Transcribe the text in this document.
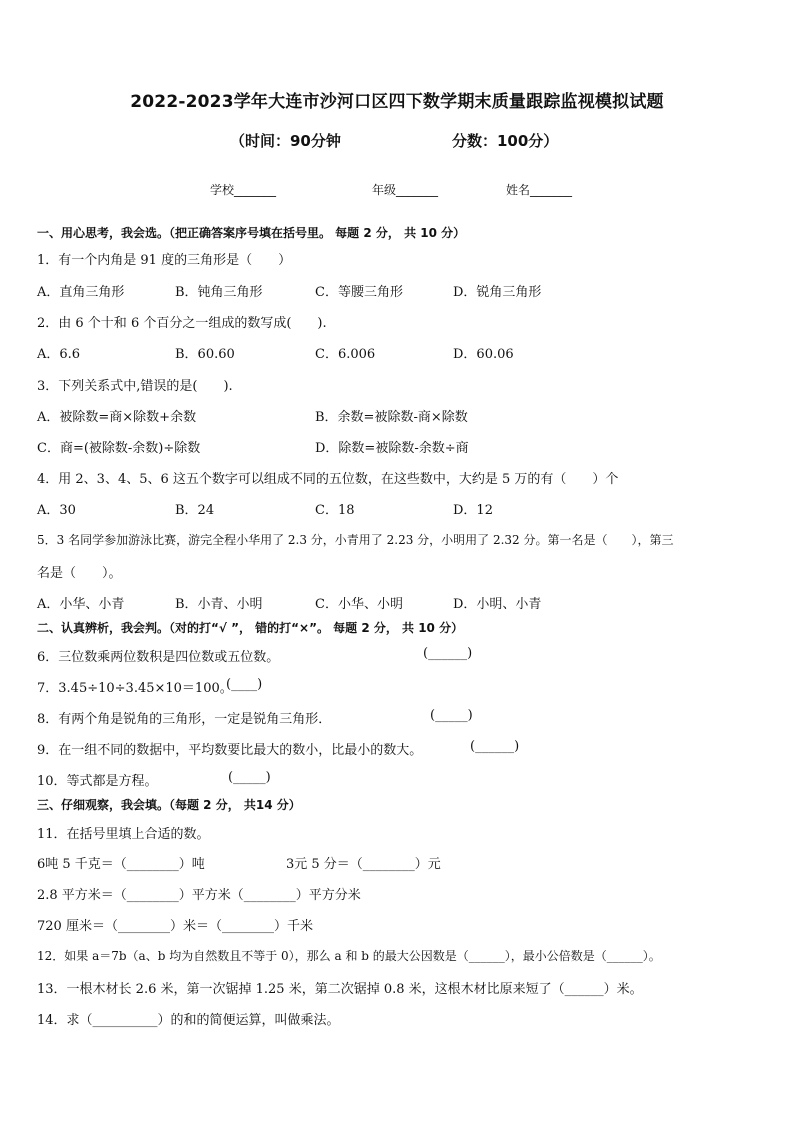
2022-2023学年大连市沙河口区四下数学期末质量跟踪监视模拟试题
（时间：90分钟	分数：100分）
学校_______	年级_______	姓名_______
一、用心思考，我会选。（把正确答案序号填在括号里。 每题 2 分， 共 10 分）
1．有一个内角是 91 度的三角形是（　　）
A．直角三角形	B．钝角三角形	C．等腰三角形	D．锐角三角形
2．由 6 个十和 6 个百分之一组成的数写成(　　).
A．6.6	B．60.60	C．6.006	D．60.06
3．下列关系式中,错误的是(　　).
A．被除数=商×除数+余数	B．余数=被除数-商×除数
C．商=(被除数-余数)÷除数	D．除数=被除数-余数÷商
4．用 2、3、4、5、6 这五个数字可以组成不同的五位数，在这些数中，大约是 5 万的有（　　）个
A．30	B．24	C．18	D．12
5．3 名同学参加游泳比赛，游完全程小华用了 2.3 分，小青用了 2.23 分，小明用了 2.32 分。第一名是（　　），第三
名是（　　）。
A．小华、小青	B．小青、小明	C．小华、小明	D．小明、小青
二、认真辨析，我会判。（对的打“√ ”， 错的打“×”。 每题 2 分， 共 10 分）
6．三位数乘两位数积是四位数或五位数。	(______)
7．3.45÷10÷3.45×10＝100。
(____)
8．有两个角是锐角的三角形，一定是锐角三角形．	(_____)
9．在一组不同的数据中，平均数要比最大的数小，比最小的数大。	(______)
10．等式都是方程。	(_____)
三、仔细观察，我会填。（每题 2 分， 共14 分）
11．在括号里填上合适的数。
6吨 5 千克＝（________）吨	3元 5 分＝（________）元
2.8 平方米＝（________）平方米（________）平方分米
720 厘米＝（________）米＝（________）千米
12．如果 a＝7b（a、b 均为自然数且不等于 0），那么 a 和 b 的最大公因数是（______），最小公倍数是（______）。
13．一根木材长 2.6 米，第一次锯掉 1.25 米，第二次锯掉 0.8 米，这根木材比原来短了（______）米。
14．求（__________）的和的简便运算，叫做乘法。
